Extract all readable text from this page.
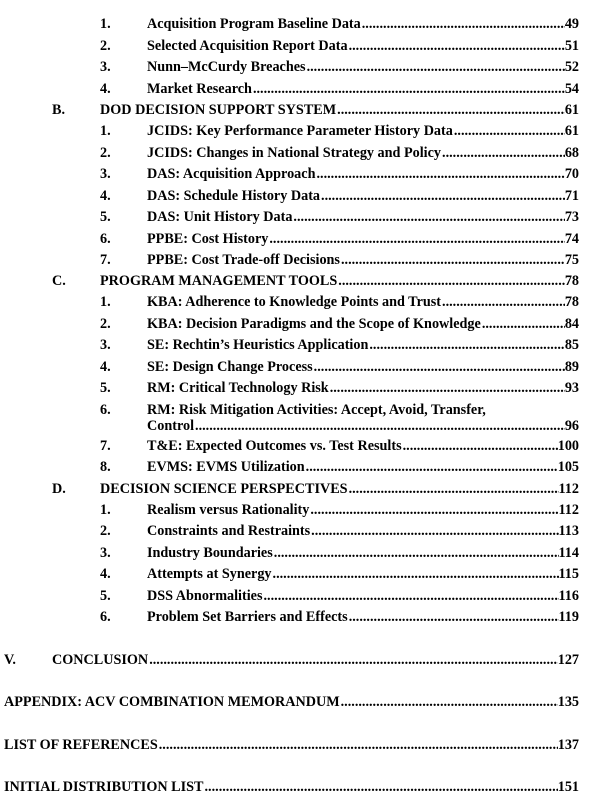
1.	Acquisition Program Baseline Data .....	49
2.	Selected Acquisition Report Data .....	51
3.	Nunn–McCurdy Breaches .....	52
4.	Market Research .....	54
B. DOD DECISION SUPPORT SYSTEM .....	61
1.	JCIDS: Key Performance Parameter History Data .....	61
2.	JCIDS: Changes in National Strategy and Policy .....	68
3.	DAS: Acquisition Approach .....	70
4.	DAS: Schedule History Data .....	71
5.	DAS: Unit History Data .....	73
6.	PPBE: Cost History .....	74
7.	PPBE: Cost Trade-off Decisions .....	75
C. PROGRAM MANAGEMENT TOOLS .....	78
1.	KBA: Adherence to Knowledge Points and Trust .....	78
2.	KBA: Decision Paradigms and the Scope of Knowledge .....	84
3.	SE: Rechtin’s Heuristics Application .....	85
4.	SE: Design Change Process .....	89
5.	RM: Critical Technology Risk .....	93
6.	RM: Risk Mitigation Activities: Accept, Avoid, Transfer,
Control .....	96
7.	T&E: Expected Outcomes vs. Test Results .....	100
8.	EVMS: EVMS Utilization .....	105
D. DECISION SCIENCE PERSPECTIVES .....	112
1.	Realism versus Rationality .....	112
2.	Constraints and Restraints .....	113
3.	Industry Boundaries .....	114
4.	Attempts at Synergy .....	115
5.	DSS Abnormalities .....	116
6.	Problem Set Barriers and Effects .....	119
V.	CONCLUSION .....	127
APPENDIX: ACV COMBINATION MEMORANDUM .....	135
LIST OF REFERENCES .....	137
INITIAL DISTRIBUTION LIST .....	151
